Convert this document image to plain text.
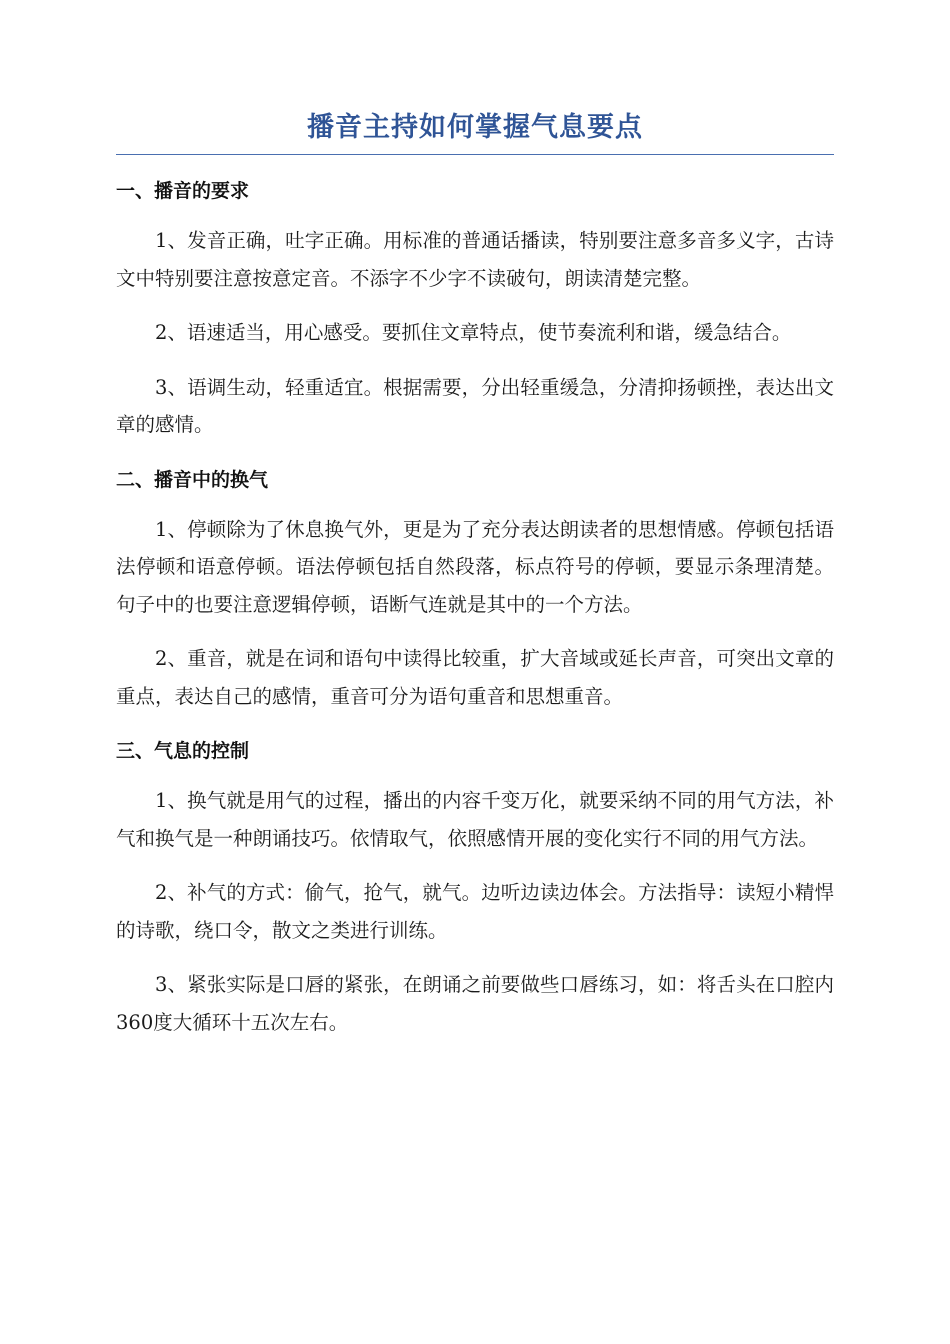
播音主持如何掌握气息要点
一、播音的要求

1、发音正确，吐字正确。用标准的普通话播读，特别要注意多音多义字，古诗文中特别要注意按意定音。不添字不少字不读破句，朗读清楚完整。

2、语速适当，用心感受。要抓住文章特点，使节奏流利和谐，缓急结合。

3、语调生动，轻重适宜。根据需要，分出轻重缓急，分清抑扬顿挫，表达出文章的感情。

二、播音中的换气

1、停顿除为了休息换气外，更是为了充分表达朗读者的思想情感。停顿包括语法停顿和语意停顿。语法停顿包括自然段落，标点符号的停顿，要显示条理清楚。句子中的也要注意逻辑停顿，语断气连就是其中的一个方法。

2、重音，就是在词和语句中读得比较重，扩大音域或延长声音，可突出文章的重点，表达自己的感情，重音可分为语句重音和思想重音。

三、气息的控制

1、换气就是用气的过程，播出的内容千变万化，就要采纳不同的用气方法，补气和换气是一种朗诵技巧。依情取气，依照感情开展的变化实行不同的用气方法。

2、补气的方式：偷气，抢气，就气。边听边读边体会。方法指导：读短小精悍的诗歌，绕口令，散文之类进行训练。

3、紧张实际是口唇的紧张，在朗诵之前要做些口唇练习，如：将舌头在口腔内360度大循环十五次左右。
